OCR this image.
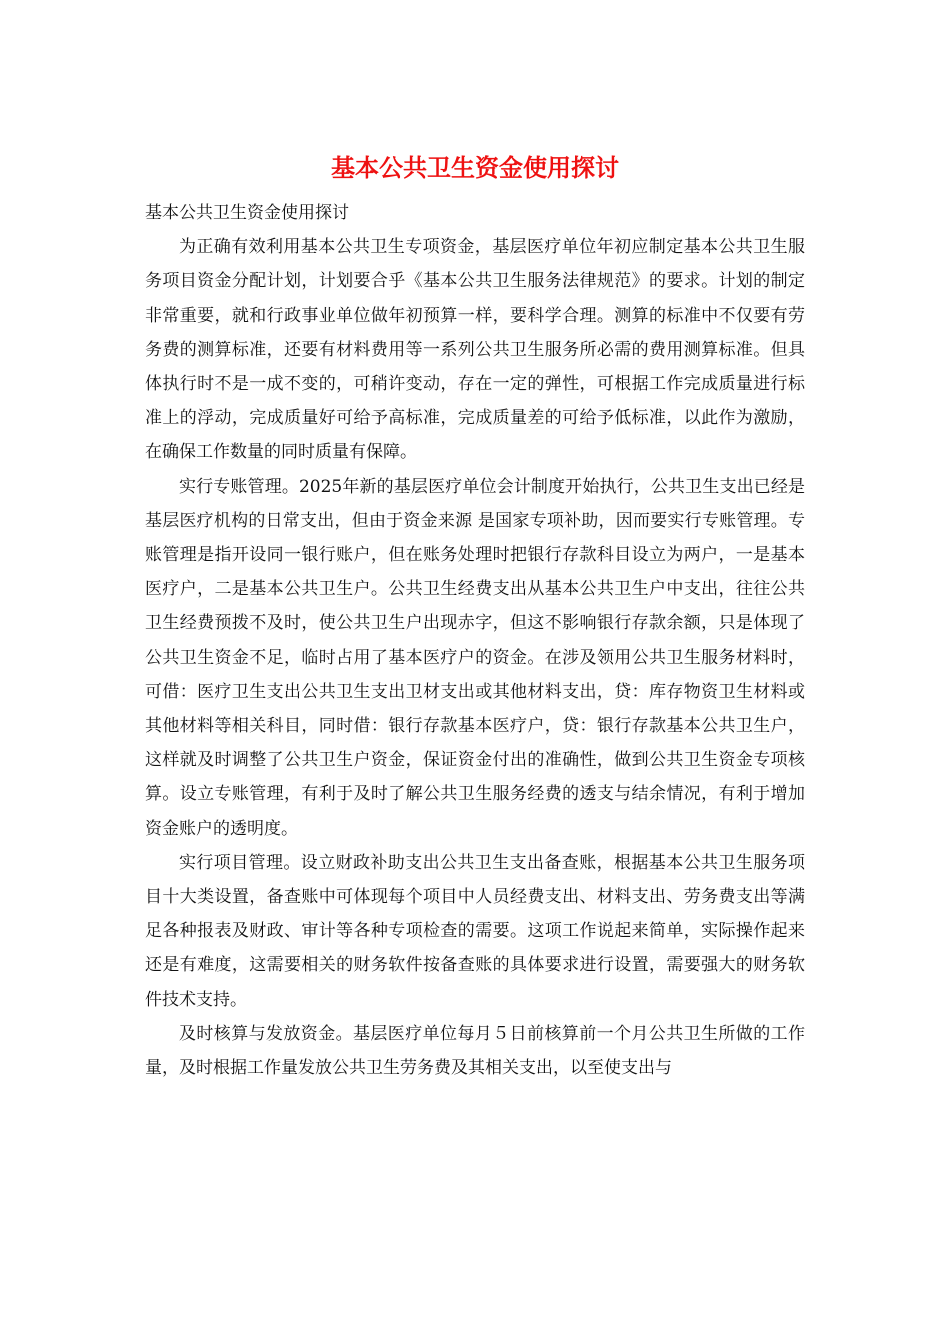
基本公共卫生资金使用探讨

基本公共卫生资金使用探讨

为正确有效利用基本公共卫生专项资金，基层医疗单位年初应制定基本公共卫生服务项目资金分配计划，计划要合乎《基本公共卫生服务法律规范》的要求。计划的制定非常重要，就和行政事业单位做年初预算一样，要科学合理。测算的标准中不仅要有劳务费的测算标准，还要有材料费用等一系列公共卫生服务所必需的费用测算标准。但具体执行时不是一成不变的，可稍许变动，存在一定的弹性，可根据工作完成质量进行标准上的浮动，完成质量好可给予高标准，完成质量差的可给予低标准，以此作为激励，在确保工作数量的同时质量有保障。

实行专账管理。2025年新的基层医疗单位会计制度开始执行，公共卫生支出已经是基层医疗机构的日常支出，但由于资金来源 是国家专项补助，因而要实行专账管理。专账管理是指开设同一银行账户，但在账务处理时把银行存款科目设立为两户，一是基本医疗户，二是基本公共卫生户。公共卫生经费支出从基本公共卫生户中支出，往往公共卫生经费预拨不及时，使公共卫生户出现赤字，但这不影响银行存款余额，只是体现了公共卫生资金不足，临时占用了基本医疗户的资金。在涉及领用公共卫生服务材料时，可借：医疗卫生支出公共卫生支出卫材支出或其他材料支出，贷：库存物资卫生材料或其他材料等相关科目，同时借：银行存款基本医疗户，贷：银行存款基本公共卫生户，这样就及时调整了公共卫生户资金，保证资金付出的准确性，做到公共卫生资金专项核算。设立专账管理，有利于及时了解公共卫生服务经费的透支与结余情况，有利于增加资金账户的透明度。

实行项目管理。设立财政补助支出公共卫生支出备查账，根据基本公共卫生服务项目十大类设置，备查账中可体现每个项目中人员经费支出、材料支出、劳务费支出等满足各种报表及财政、审计等各种专项检查的需要。这项工作说起来简单，实际操作起来还是有难度，这需要相关的财务软件按备查账的具体要求进行设置，需要强大的财务软件技术支持。

及时核算与发放资金。基层医疗单位每月５日前核算前一个月公共卫生所做的工作量，及时根据工作量发放公共卫生劳务费及其相关支出，以至使支出与
